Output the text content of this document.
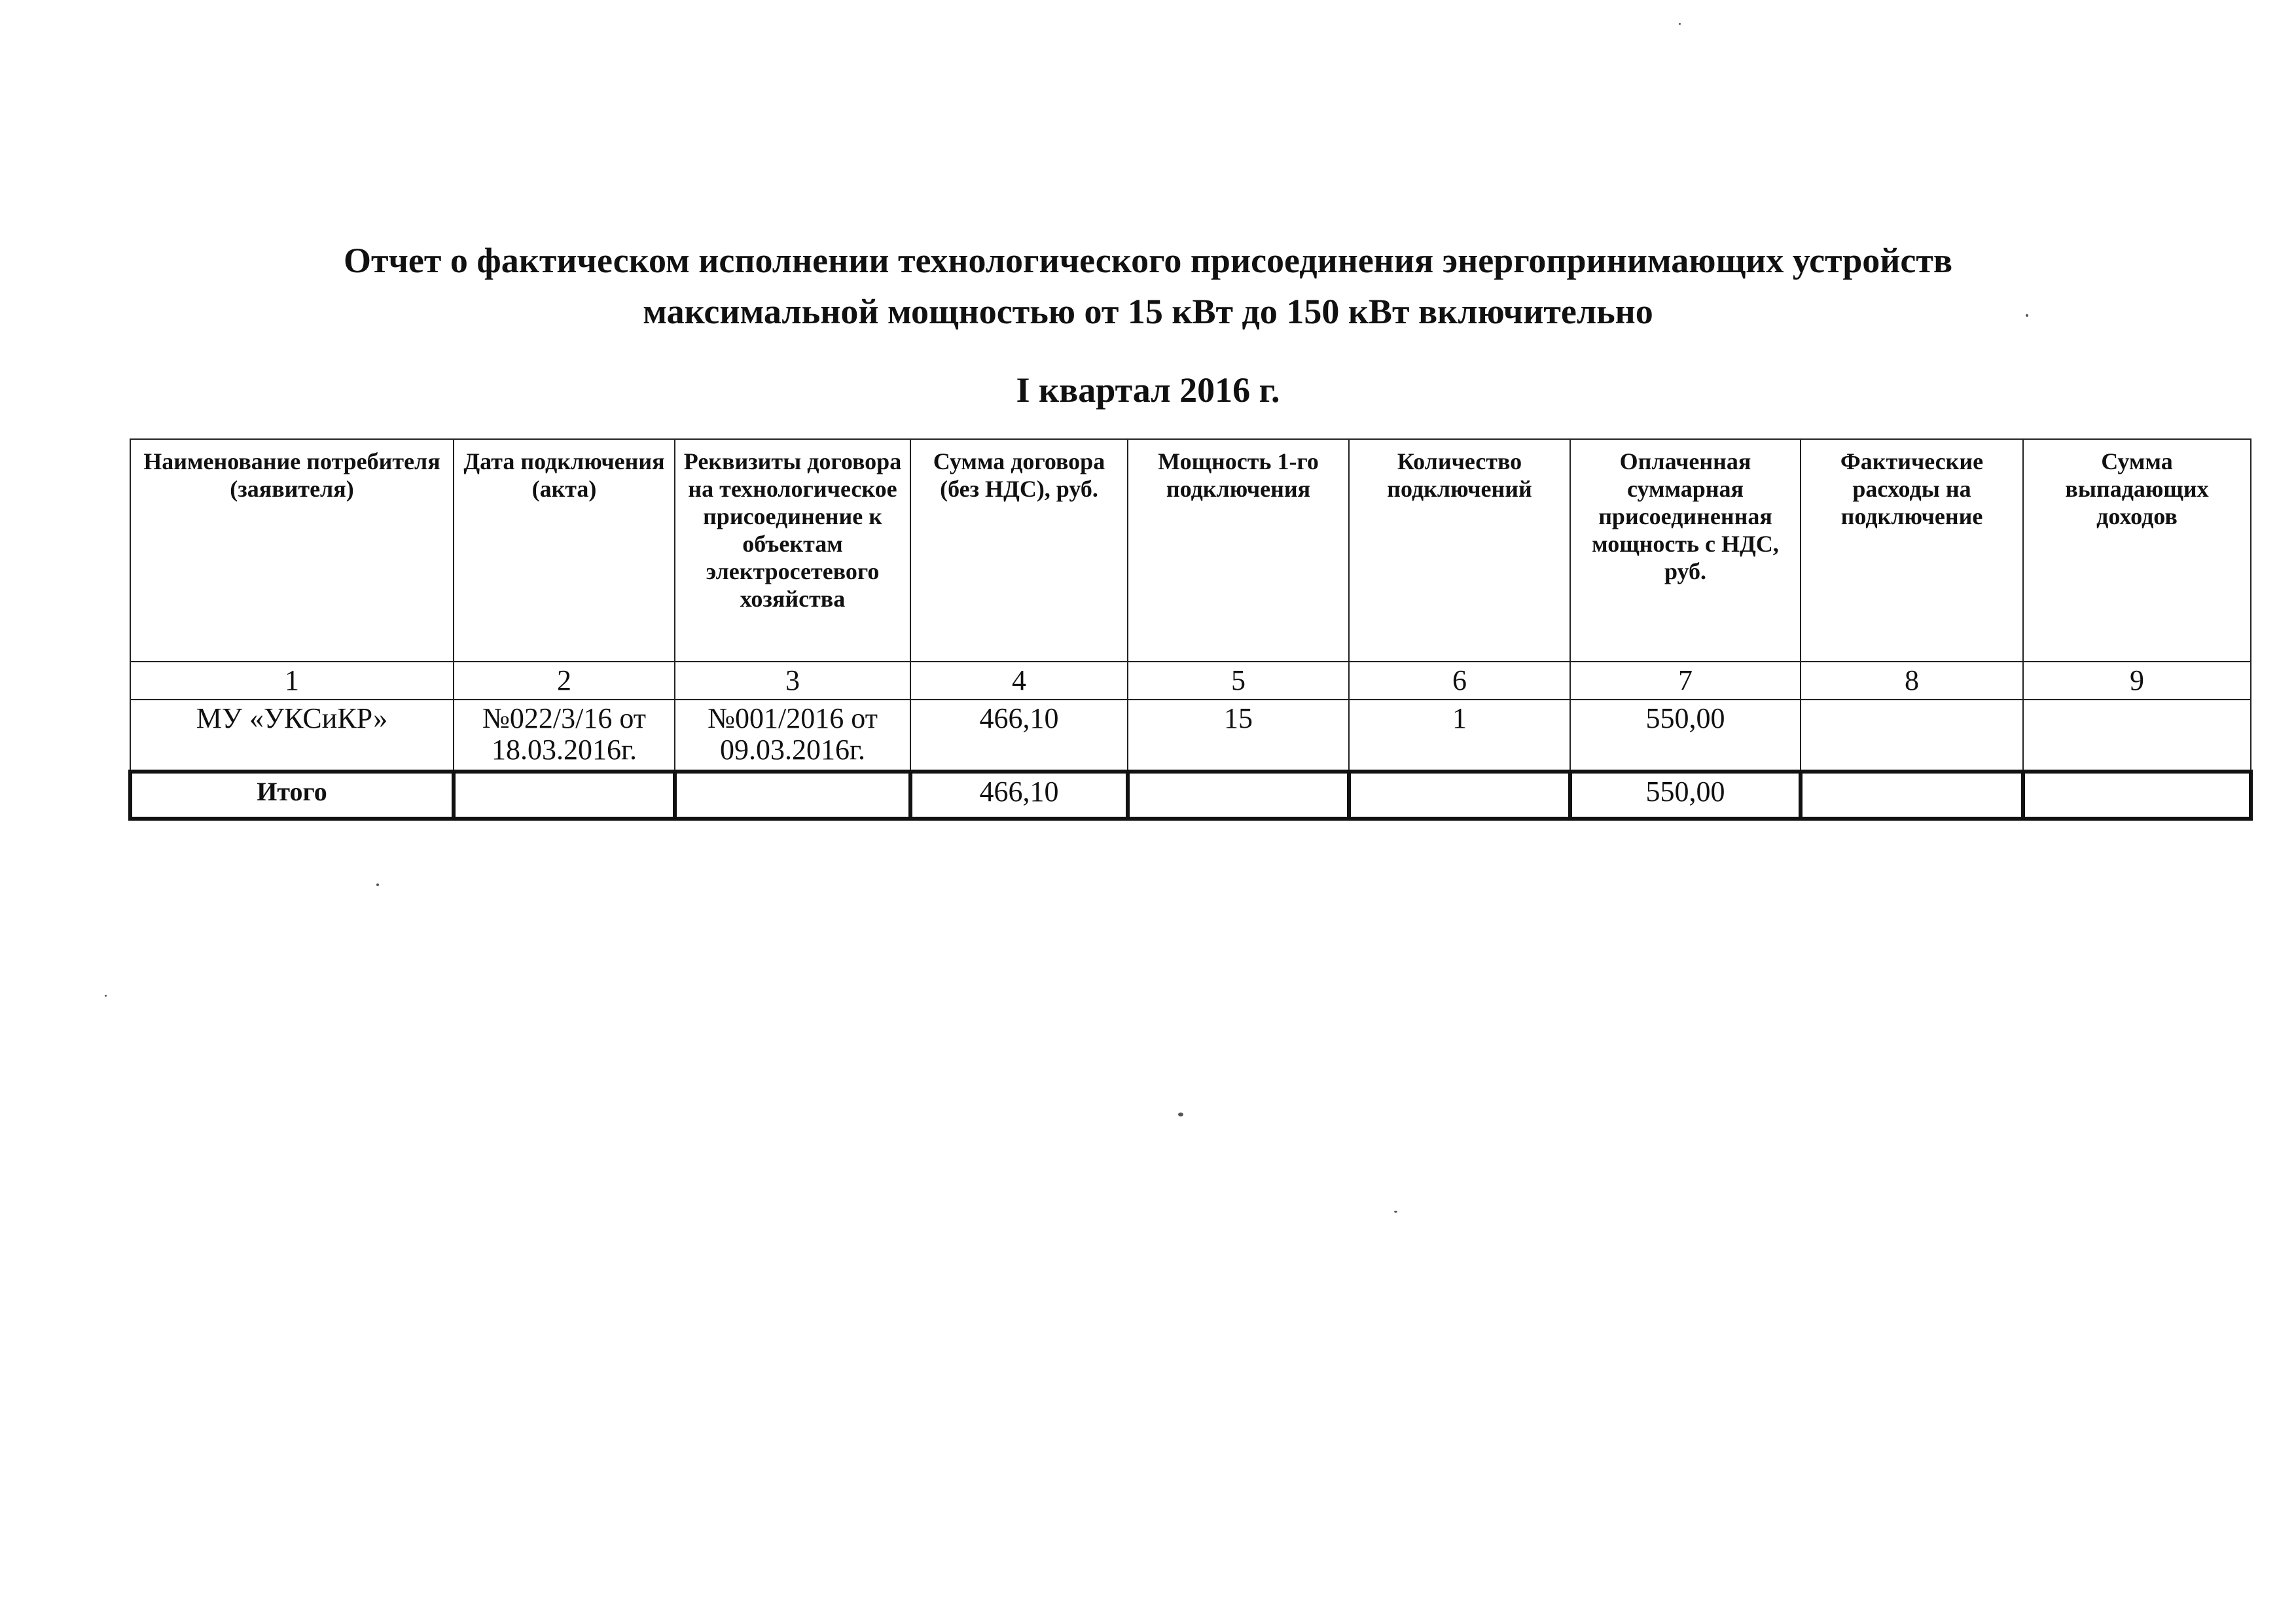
Отчет о фактическом исполнении технологического присоединения энергопринимающих устройств
максимальной мощностью от 15 кВт до 150 кВт включительно
I квартал 2016 г.
Наименование потребителя (заявителя)	Дата подключения (акта)	Реквизиты договора на технологическое присоединение к объектам электросетевого хозяйства	Сумма договора (без НДС), руб.	Мощность 1-го подключения	Количество подключений	Оплаченная суммарная присоединенная мощность с НДС, руб.	Фактические расходы на подключение	Сумма выпадающих доходов
1	2	3	4	5	6	7	8	9
МУ «УКСиКР»	№022/3/16 от 18.03.2016г.	№001/2016 от 09.03.2016г.	466,10	15	1	550,00		
Итого			466,10			550,00		
